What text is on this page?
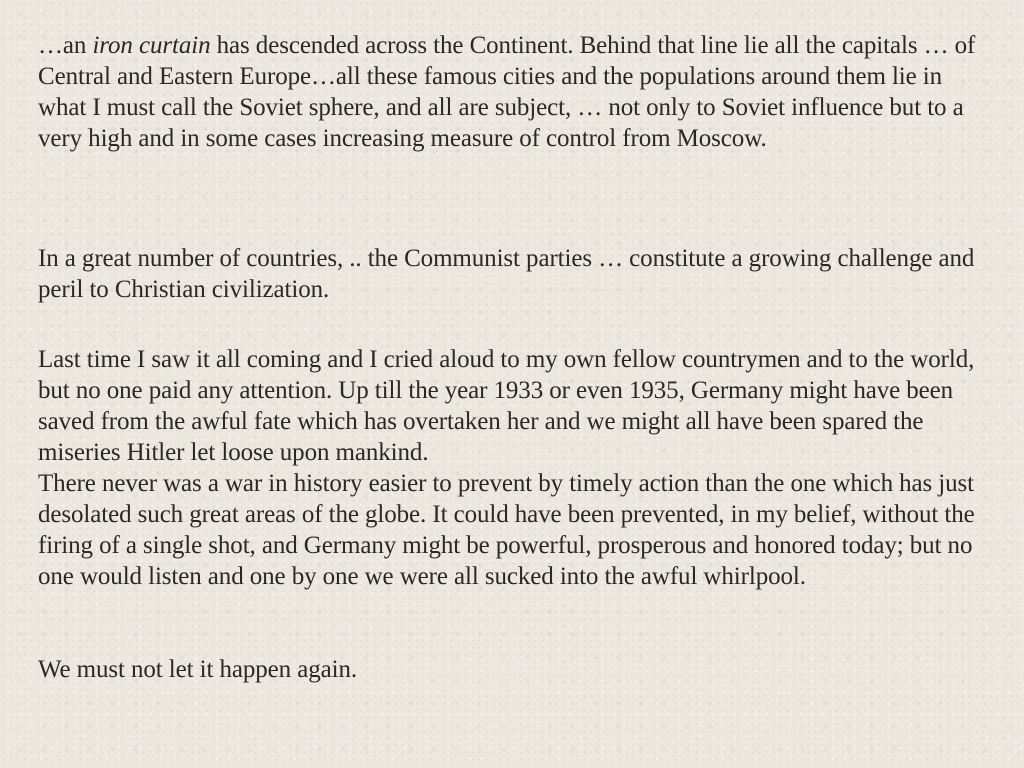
…an iron curtain has descended across the Continent. Behind that line lie all the capitals … of Central and Eastern Europe…all these famous cities and the populations around them lie in what I must call the Soviet sphere, and all are subject, … not only to Soviet influence but to a very high and in some cases increasing measure of control from Moscow.

In a great number of countries, .. the Communist parties … constitute a growing challenge and peril to Christian civilization.

Last time I saw it all coming and I cried aloud to my own fellow countrymen and to the world, but no one paid any attention. Up till the year 1933 or even 1935, Germany might have been saved from the awful fate which has overtaken her and we might all have been spared the miseries Hitler let loose upon mankind.

There never was a war in history easier to prevent by timely action than the one which has just desolated such great areas of the globe. It could have been prevented, in my belief, without the firing of a single shot, and Germany might be powerful, prosperous and honored today; but no one would listen and one by one we were all sucked into the awful whirlpool.

We must not let it happen again.
